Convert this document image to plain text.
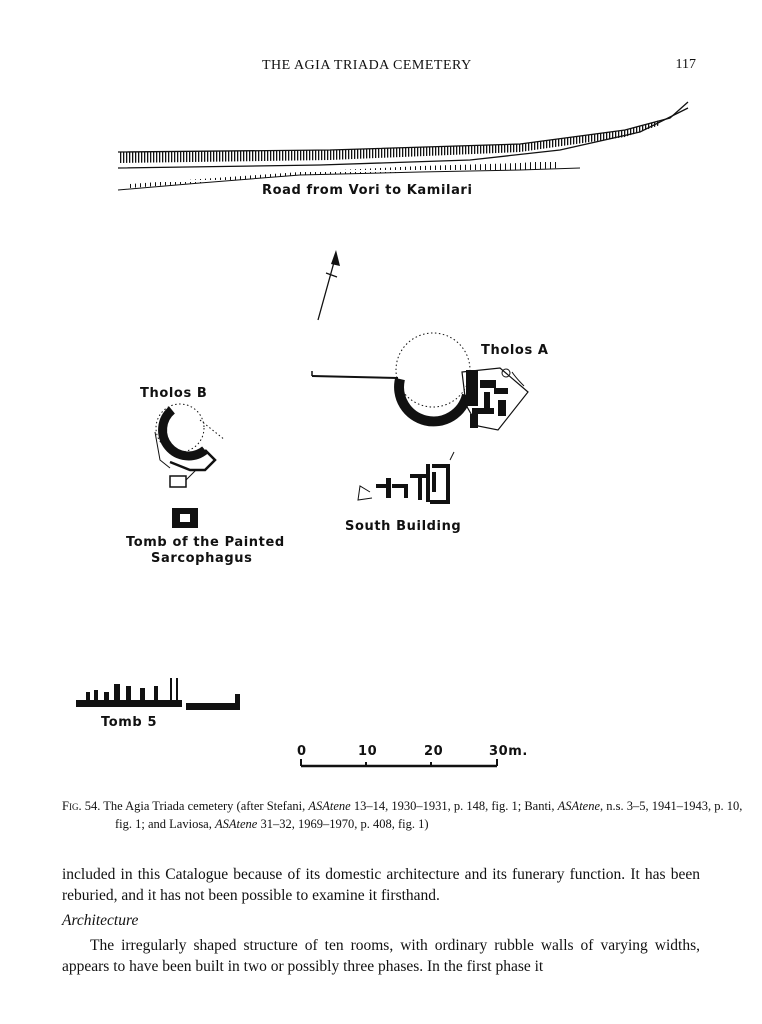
THE AGIA TRIADA CEMETERY	117
Road from Vori to Kamilari
Tholos A
Tholos B
South Building
Tomb of the Painted
Sarcophagus
Tomb 5
0	10	20	30m.

Fig. 54. The Agia Triada cemetery (after Stefani, ASAtene 13–14, 1930–1931, p. 148, fig. 1; Banti, ASAtene, n.s. 3–5, 1941–1943, p. 10, fig. 1; and Laviosa, ASAtene 31–32, 1969–1970, p. 408, fig. 1)

included in this Catalogue because of its domestic architecture and its funerary function. It has been reburied, and it has not been possible to examine it firsthand.

Architecture

The irregularly shaped structure of ten rooms, with ordinary rubble walls of varying widths, appears to have been built in two or possibly three phases. In the first phase it
